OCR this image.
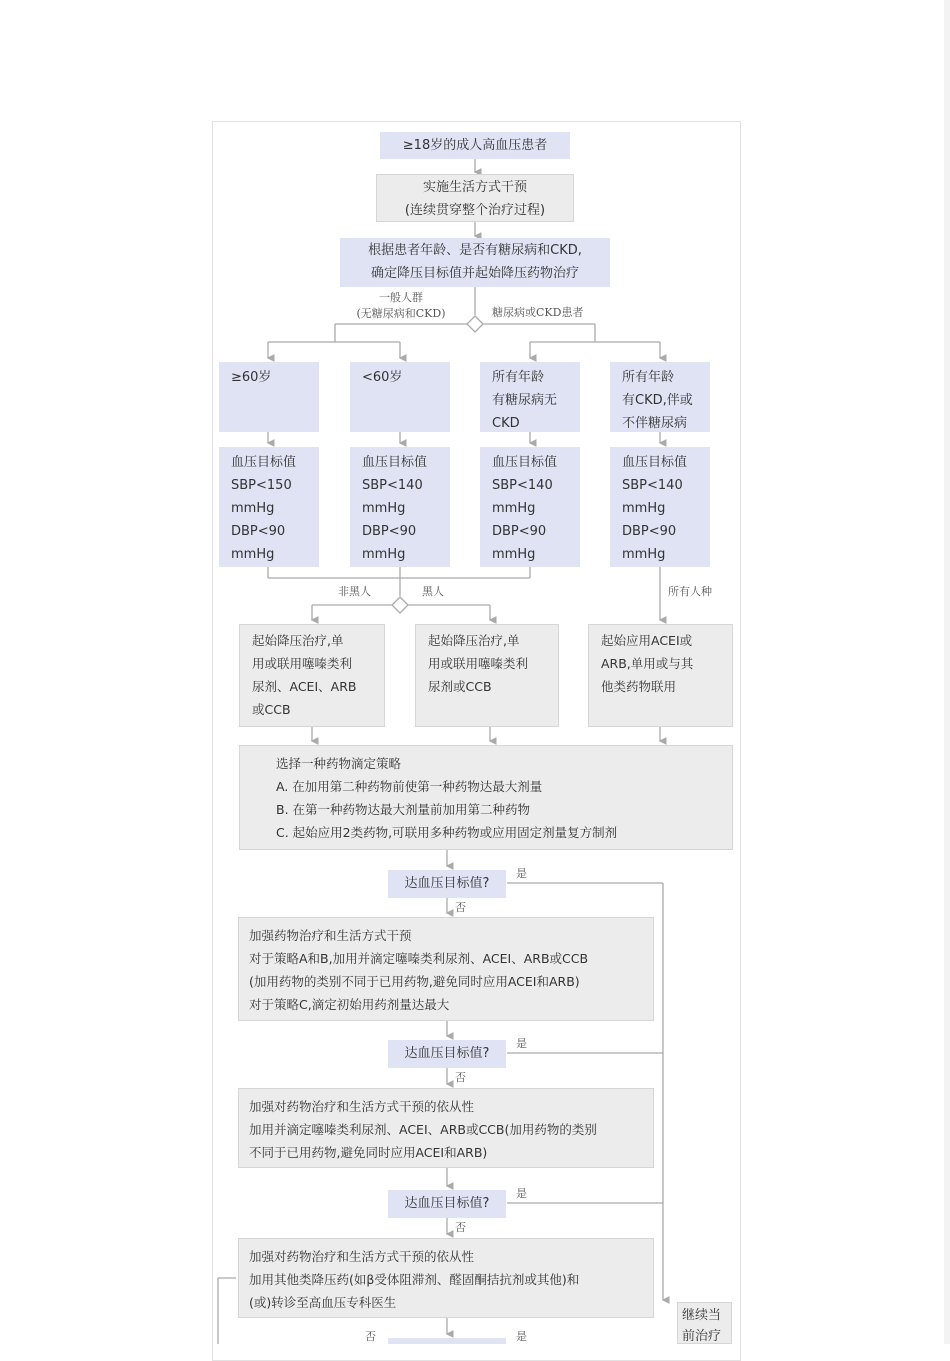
≥18岁的成人高血压患者
实施生活方式干预
(连续贯穿整个治疗过程)
根据患者年龄、是否有糖尿病和CKD,
确定降压目标值并起始降压药物治疗
一般人群
(无糖尿病和CKD)	糖尿病或CKD患者
≥60岁	<60岁	所有年龄
有糖尿病无
CKD
所有年龄
有CKD,伴或
不伴糖尿病
血压目标值
SBP<150
mmHg
DBP<90
mmHg
血压目标值
SBP<140
mmHg
DBP<90
mmHg
血压目标值
SBP<140
mmHg
DBP<90
mmHg
血压目标值
SBP<140
mmHg
DBP<90
mmHg
非黑人	黑人	所有人种
起始降压治疗,单
用或联用噻嗪类利
尿剂、ACEI、ARB
或CCB
起始降压治疗,单
用或联用噻嗪类利
尿剂或CCB
起始应用ACEI或
ARB,单用或与其
他类药物联用
选择一种药物滴定策略
A. 在加用第二种药物前使第一种药物达最大剂量
B. 在第一种药物达最大剂量前加用第二种药物
C. 起始应用2类药物,可联用多种药物或应用固定剂量复方制剂
达血压目标值?
是
否
加强药物治疗和生活方式干预
对于策略A和B,加用并滴定噻嗪类利尿剂、ACEI、ARB或CCB
(加用药物的类别不同于已用药物,避免同时应用ACEI和ARB)
对于策略C,滴定初始用药剂量达最大
达血压目标值?
是
否
加强对药物治疗和生活方式干预的依从性
加用并滴定噻嗪类利尿剂、ACEI、ARB或CCB(加用药物的类别
不同于已用药物,避免同时应用ACEI和ARB)
达血压目标值?
是
否
加强对药物治疗和生活方式干预的依从性
加用其他类降压药(如β受体阻滞剂、醛固酮拮抗剂或其他)和
(或)转诊至高血压专科医生
否	是
继续当
前治疗
